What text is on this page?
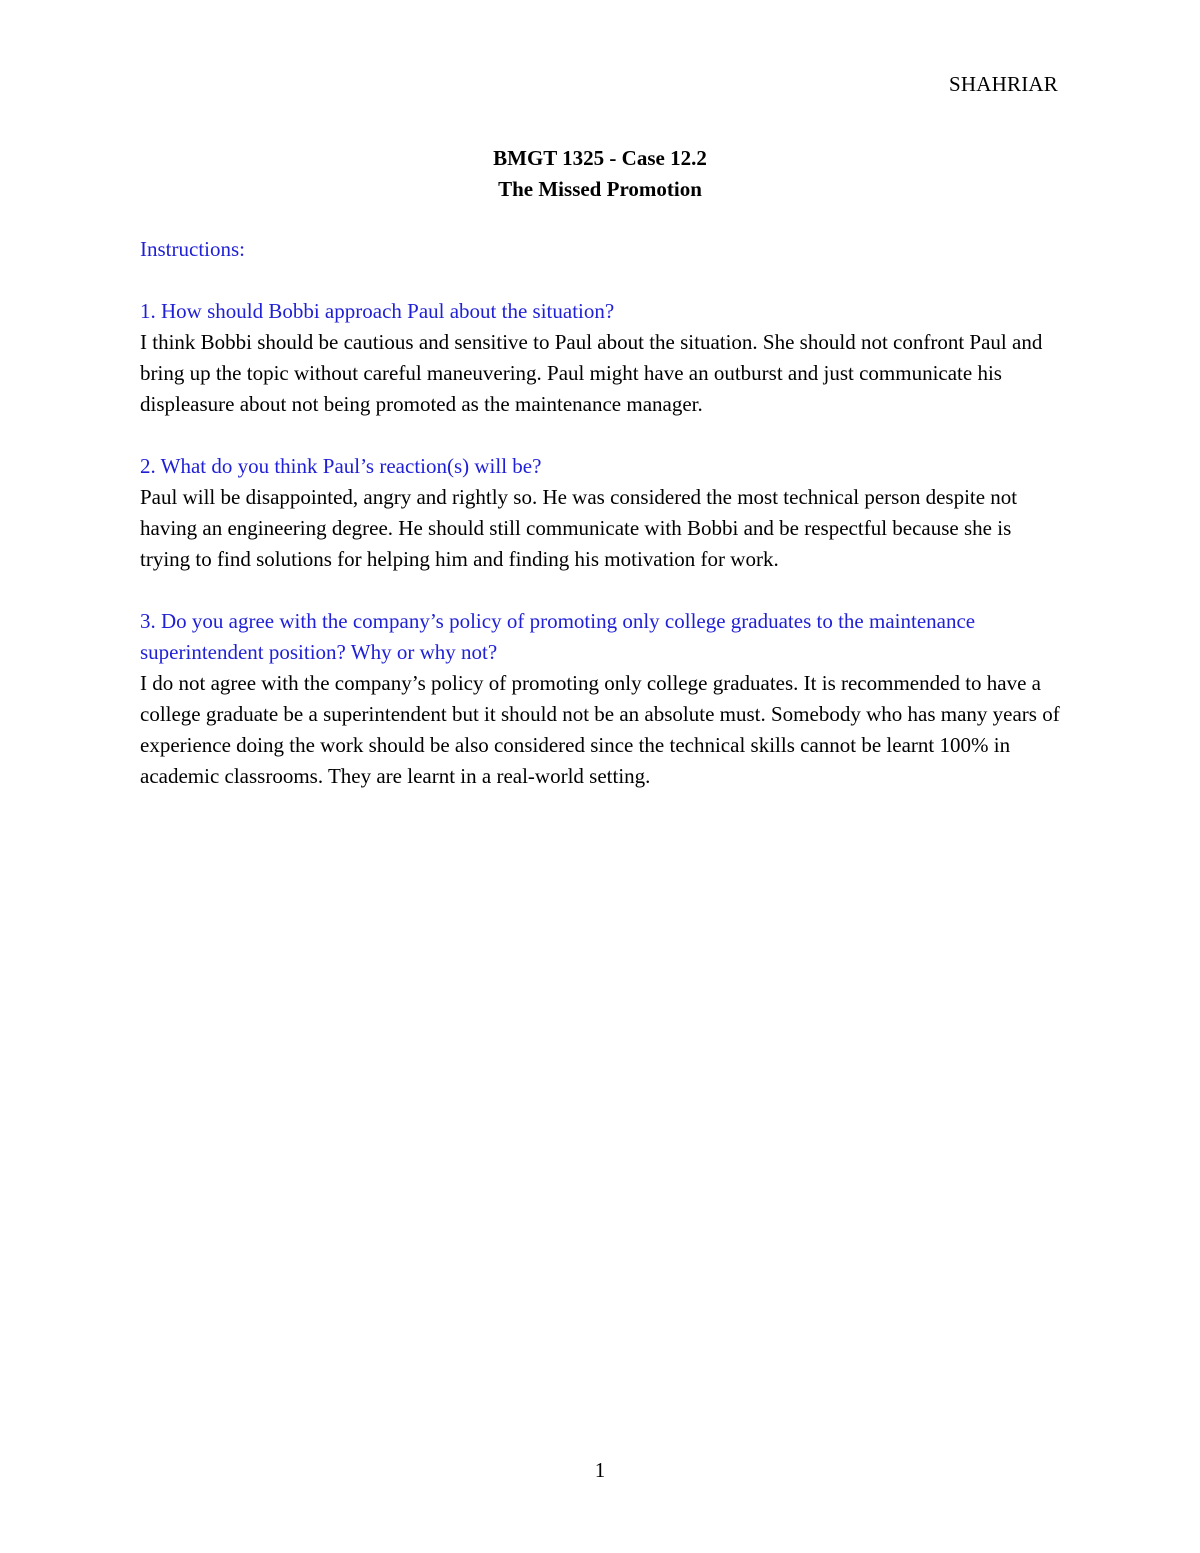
SHAHRIAR
BMGT 1325 - Case 12.2
The Missed Promotion

Instructions:

1. How should Bobbi approach Paul about the situation?

I think Bobbi should be cautious and sensitive to Paul about the situation. She should not confront Paul and bring up the topic without careful maneuvering. Paul might have an outburst and just communicate his displeasure about not being promoted as the maintenance manager.

2. What do you think Paul’s reaction(s) will be?

Paul will be disappointed, angry and rightly so. He was considered the most technical person despite not having an engineering degree. He should still communicate with Bobbi and be respectful because she is trying to find solutions for helping him and finding his motivation for work.

3. Do you agree with the company’s policy of promoting only college graduates to the maintenance superintendent position? Why or why not?

I do not agree with the company’s policy of promoting only college graduates. It is recommended to have a college graduate be a superintendent but it should not be an absolute must. Somebody who has many years of experience doing the work should be also considered since the technical skills cannot be learnt 100% in academic classrooms. They are learnt in a real-world setting.

1
